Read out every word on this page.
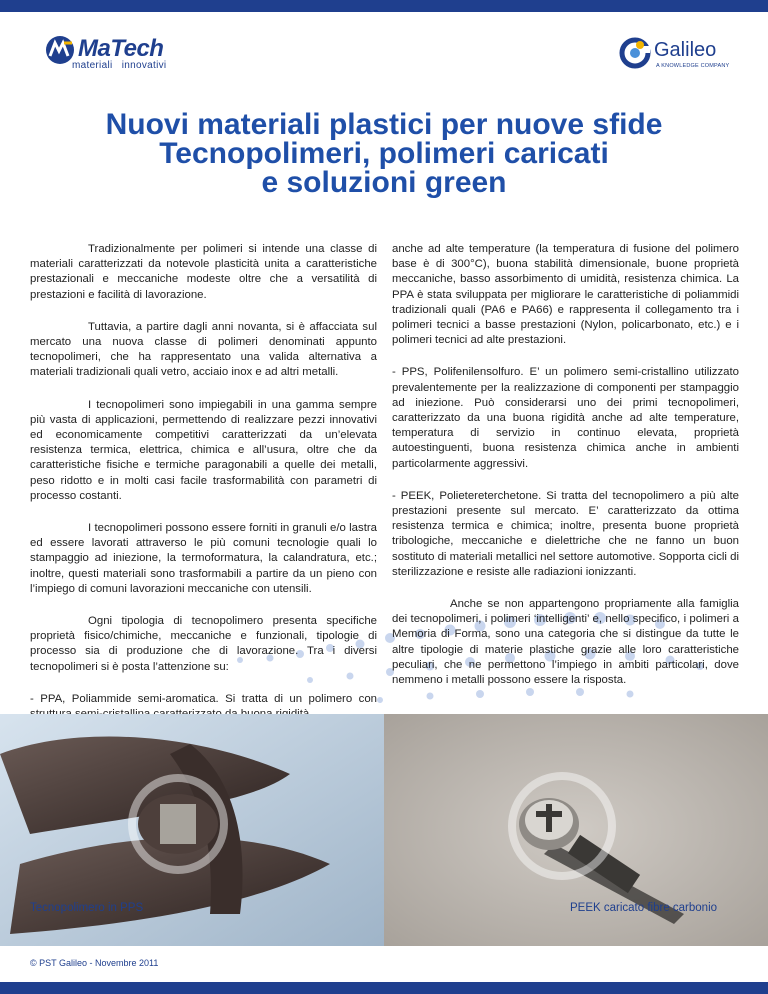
MaTech
materiali innovativi
Galileo
A KNOWLEDGE COMPANY
Nuovi materiali plastici per nuove sfide
Tecnopolimeri, polimeri caricati
e soluzioni green

Tradizionalmente per polimeri si intende una classe di materiali caratterizzati da notevole plasticità unita a caratteristiche prestazionali e meccaniche modeste oltre che a versatilità di prestazioni e facilità di lavorazione.

Tuttavia, a partire dagli anni novanta, si è affacciata sul mercato una nuova classe di polimeri denominati appunto tecnopolimeri, che ha rappresentato una valida alternativa a materiali tradizionali quali vetro, acciaio inox e ad altri metalli.

I tecnopolimeri sono impiegabili in una gamma sempre più vasta di applicazioni, permettendo di realizzare pezzi innovativi ed economicamente competitivi caratterizzati da un’elevata resistenza termica, elettrica, chimica e all’usura, oltre che da caratteristiche fisiche e termiche paragonabili a quelle dei metalli, peso ridotto e in molti casi facile trasformabilità con parametri di processo costanti.

I tecnopolimeri possono essere forniti in granuli e/o lastra ed essere lavorati attraverso le più comuni tecnologie quali lo stampaggio ad iniezione, la termoformatura, la calandratura, etc.; inoltre, questi materiali sono trasformabili a partire da un pieno con l’impiego di comuni lavorazioni meccaniche con utensili.

Ogni tipologia di tecnopolimero presenta specifiche proprietà fisico/chimiche, meccaniche e funzionali, tipologie di processo sia di produzione che di lavorazione. Tra i diversi tecnopolimeri si è posta l’attenzione su:

- PPA, Poliammide semi-aromatica. Si tratta di un polimero con

anche ad alte temperature (la temperatura di fusione del polimero base è di 300°C), buona stabilità dimensionale, buone proprietà meccaniche, basso assorbimento di umidità, resistenza chimica. La PPA è stata sviluppata per migliorare le caratteristiche di poliammidi tradizionali quali (PA6 e PA66) e rappresenta il collegamento tra i polimeri tecnici a basse prestazioni (Nylon, policarbonato, etc.) e i polimeri tecnici ad alte prestazioni.

- PPS, Polifenilensolfuro. E’ un polimero semi-cristallino utilizzato prevalentemente per la realizzazione di componenti per stampaggio ad iniezione. Può considerarsi uno dei primi tecnopolimeri, caratterizzato da una buona rigidità anche ad alte temperature, temperatura di servizio in continuo elevata, proprietà autoestinguenti, buona resistenza chimica anche in ambienti particolarmente aggressivi.

- PEEK, Polietereterchetone. Si tratta del tecnopolimero a più alte prestazioni presente sul mercato. E’ caratterizzato da ottima resistenza termica e chimica; inoltre, presenta buone proprietà tribologiche, meccaniche e dielettriche che ne fanno un buon sostituto di materiali metallici nel settore automotive. Sopporta cicli di sterilizzazione e resiste alle radiazioni ionizzanti.

Anche se non appartengono propriamente alla famiglia dei tecnopolimeri, i polimeri ‘intelligenti’ e, nello specifico, i polimeri a Memoria di Forma, sono una categoria che si distingue da tutte le altre tipologie di materie plastiche grazie alle loro caratteristiche peculiari, che ne permettono l’impiego in ambiti particolari, dove nemmeno i metalli possono essere la risposta.

Tecnopolimero in PPS	PEEK caricato fibre carbonio
© PST Galileo - Novembre 2011
